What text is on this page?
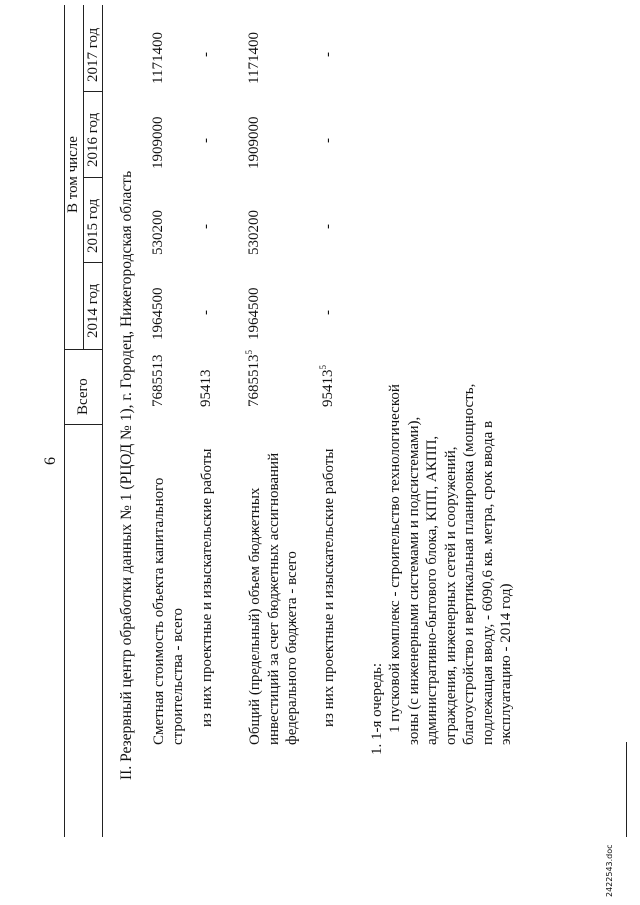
6
Всего
В том числе
2014 год
2015 год
2016 год
2017 год
II. Резервный центр обработки данных № 1 (РЦОД № 1), г. Городец, Нижегородская область Сметная стоимость объекта капитального строительства - всего
7685513
1964500
530200
1909000
1171400
из них проектные и изыскательские работы
95413
-
-
-
-
Общий (предельный) объем бюджетных инвестиций за счет бюджетных ассигнований федерального бюджета - всего
7685513$^5$
1964500
530200
1909000
1171400
из них проектные и изыскательские работы
95413$^5$
-
-
-
-
1. 1-я очередь: 1 пусковой комплекс - строительство технологической зоны (с инженерными системами и подсистемами), административно-бытового блока, КПП, АКПП, ограждения, инженерных сетей и сооружений, благоустройство и вертикальная планировка (мощность, подлежащая вводу, - 6090,6 кв. метра, срок ввода в эксплуатацию - 2014 год)
2422543.doc
